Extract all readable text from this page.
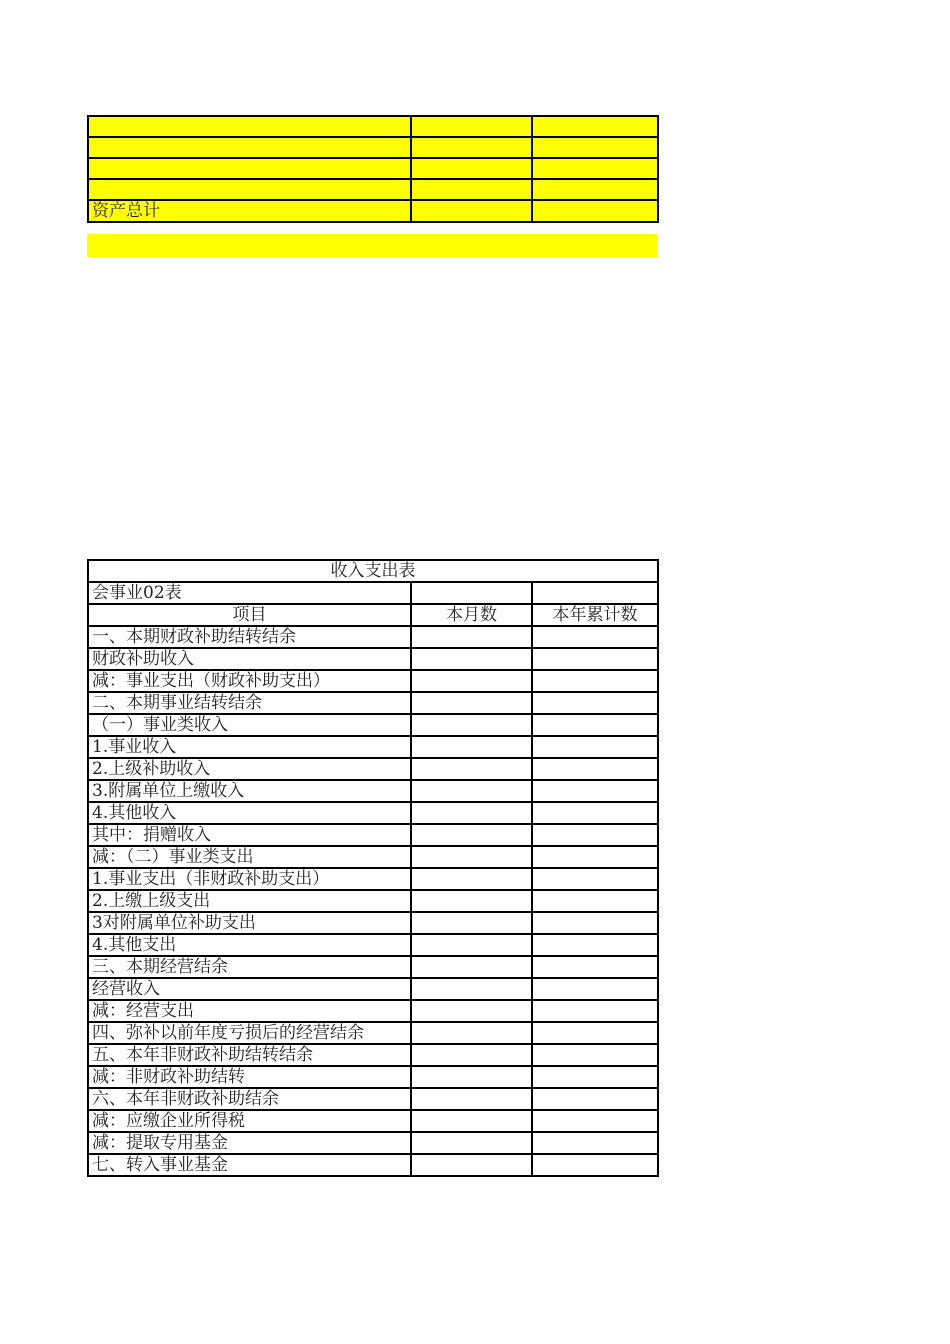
资产总计		
收入支出表		
会事业02表		
项目	本月数	本年累计数
一、本期财政补助结转结余		
财政补助收入		
减：事业支出（财政补助支出）		
二、本期事业结转结余		
（一）事业类收入		
1.事业收入		
2.上级补助收入		
3.附属单位上缴收入		
4.其他收入		
其中：捐赠收入		
减：（二）事业类支出		
1.事业支出（非财政补助支出）		
2.上缴上级支出		
3对附属单位补助支出		
4.其他支出		
三、本期经营结余		
经营收入		
减：经营支出		
四、弥补以前年度亏损后的经营结余		
五、本年非财政补助结转结余		
减：非财政补助结转		
六、本年非财政补助结余		
减：应缴企业所得税		
减：提取专用基金		
七、转入事业基金		
